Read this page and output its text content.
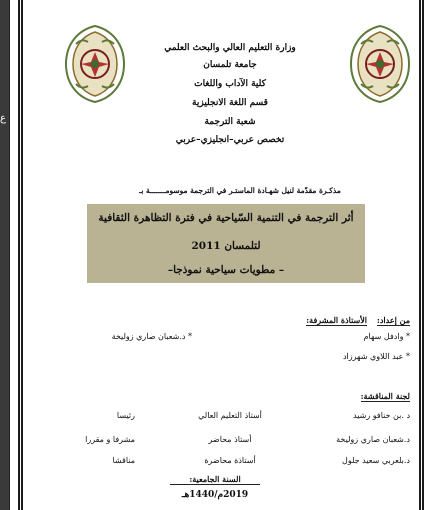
ع
وزارة التعليم العالي والبحث العلمي
جامعة تلمسان
كلية الآداب واللغات
قسم اللغة الانجليزية
شعبة الترجمة
تخصص عربي–انجليزي–عربي
مذكـرة مقدّمة لنيل شهـادة الماستـر في الترجمة موسومـــــــة بـ
أثر الترجمة في التنمية السّياحية في فترة التظاهرة الثقافية
لتلمسان 2011
– مطويات سياحية نموذجا–
من إعداد:
الأستاذة المشرفة:
* وادفل سهام
* عبد اللاوي شهرزاد
* د.شعبان صاري زوليخة
لجنة المناقشة:
د .بن خنافو رشيد
أستاذ التعليم العالي
رئيسا
د.شعبان صاري زوليخة
أستاذ محاضر
مشرفا و مقررا
د.بلعربي سعيد جلول
أستاذة محاضرة
مناقشا
السنة الجامعية:
2019م/1440هـ
